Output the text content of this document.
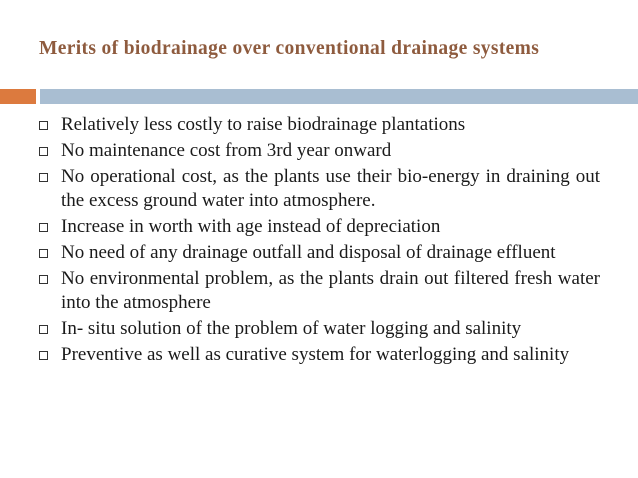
Merits of biodrainage over conventional drainage systems
Relatively less costly to raise biodrainage plantations
No maintenance cost from 3rd year onward
No operational cost, as the plants use their bio-energy in draining out the excess ground water into atmosphere.
Increase in worth with age instead of depreciation
No need of any drainage outfall and disposal of drainage effluent
No environmental problem, as the plants drain out filtered fresh water into the atmosphere
In- situ solution of the problem of water logging and salinity
Preventive as well as curative system for waterlogging and salinity
